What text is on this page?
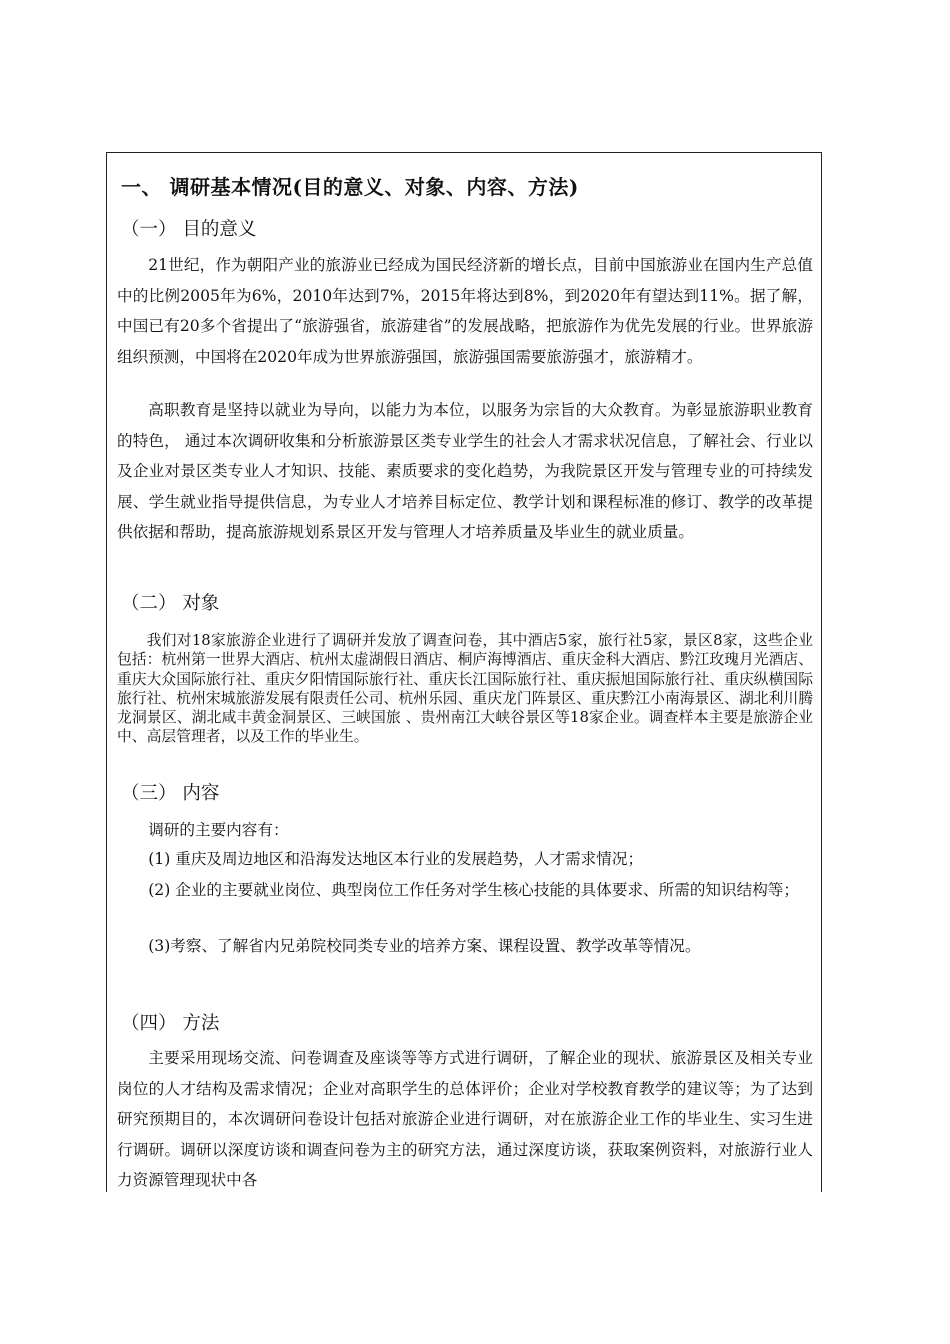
一、 调研基本情况(目的意义、对象、内容、方法)
（一） 目的意义

21世纪，作为朝阳产业的旅游业已经成为国民经济新的增长点，目前中国旅游业在国内生产总值中的比例2005年为6%，2010年达到7%，2015年将达到8%，到2020年有望达到11%。据了解，中国已有20多个省提出了“旅游强省，旅游建省”的发展战略，把旅游作为优先发展的行业。世界旅游组织预测，中国将在2020年成为世界旅游强国，旅游强国需要旅游强才，旅游精才。

高职教育是坚持以就业为导向，以能力为本位，以服务为宗旨的大众教育。为彰显旅游职业教育的特色， 通过本次调研收集和分析旅游景区类专业学生的社会人才需求状况信息，了解社会、行业以及企业对景区类专业人才知识、技能、素质要求的变化趋势，为我院景区开发与管理专业的可持续发展、学生就业指导提供信息，为专业人才培养目标定位、教学计划和课程标准的修订、教学的改革提供依据和帮助，提高旅游规划系景区开发与管理人才培养质量及毕业生的就业质量。

（二） 对象

我们对18家旅游企业进行了调研并发放了调查问卷，其中酒店5家，旅行社5家，景区8家，这些企业包括：杭州第一世界大酒店、杭州太虚湖假日酒店、桐庐海博酒店、重庆金科大酒店、黔江玫瑰月光酒店、重庆大众国际旅行社、重庆夕阳情国际旅行社、重庆长江国际旅行社、重庆振旭国际旅行社、重庆纵横国际旅行社、杭州宋城旅游发展有限责任公司、杭州乐园、重庆龙门阵景区、重庆黔江小南海景区、湖北利川腾龙洞景区、湖北咸丰黄金洞景区、三峡国旅 、贵州南江大峡谷景区等18家企业。调查样本主要是旅游企业中、高层管理者，以及工作的毕业生。

（三） 内容

调研的主要内容有：

(1) 重庆及周边地区和沿海发达地区本行业的发展趋势，人才需求情况；

(2) 企业的主要就业岗位、典型岗位工作任务对学生核心技能的具体要求、所需的知识结构等；

(3)考察、了解省内兄弟院校同类专业的培养方案、课程设置、教学改革等情况。

（四） 方法

主要采用现场交流、问卷调查及座谈等等方式进行调研，了解企业的现状、旅游景区及相关专业岗位的人才结构及需求情况；企业对高职学生的总体评价；企业对学校教育教学的建议等；为了达到研究预期目的，本次调研问卷设计包括对旅游企业进行调研，对在旅游企业工作的毕业生、实习生进行调研。调研以深度访谈和调查问卷为主的研究方法，通过深度访谈，获取案例资料，对旅游行业人力资源管理现状中各
